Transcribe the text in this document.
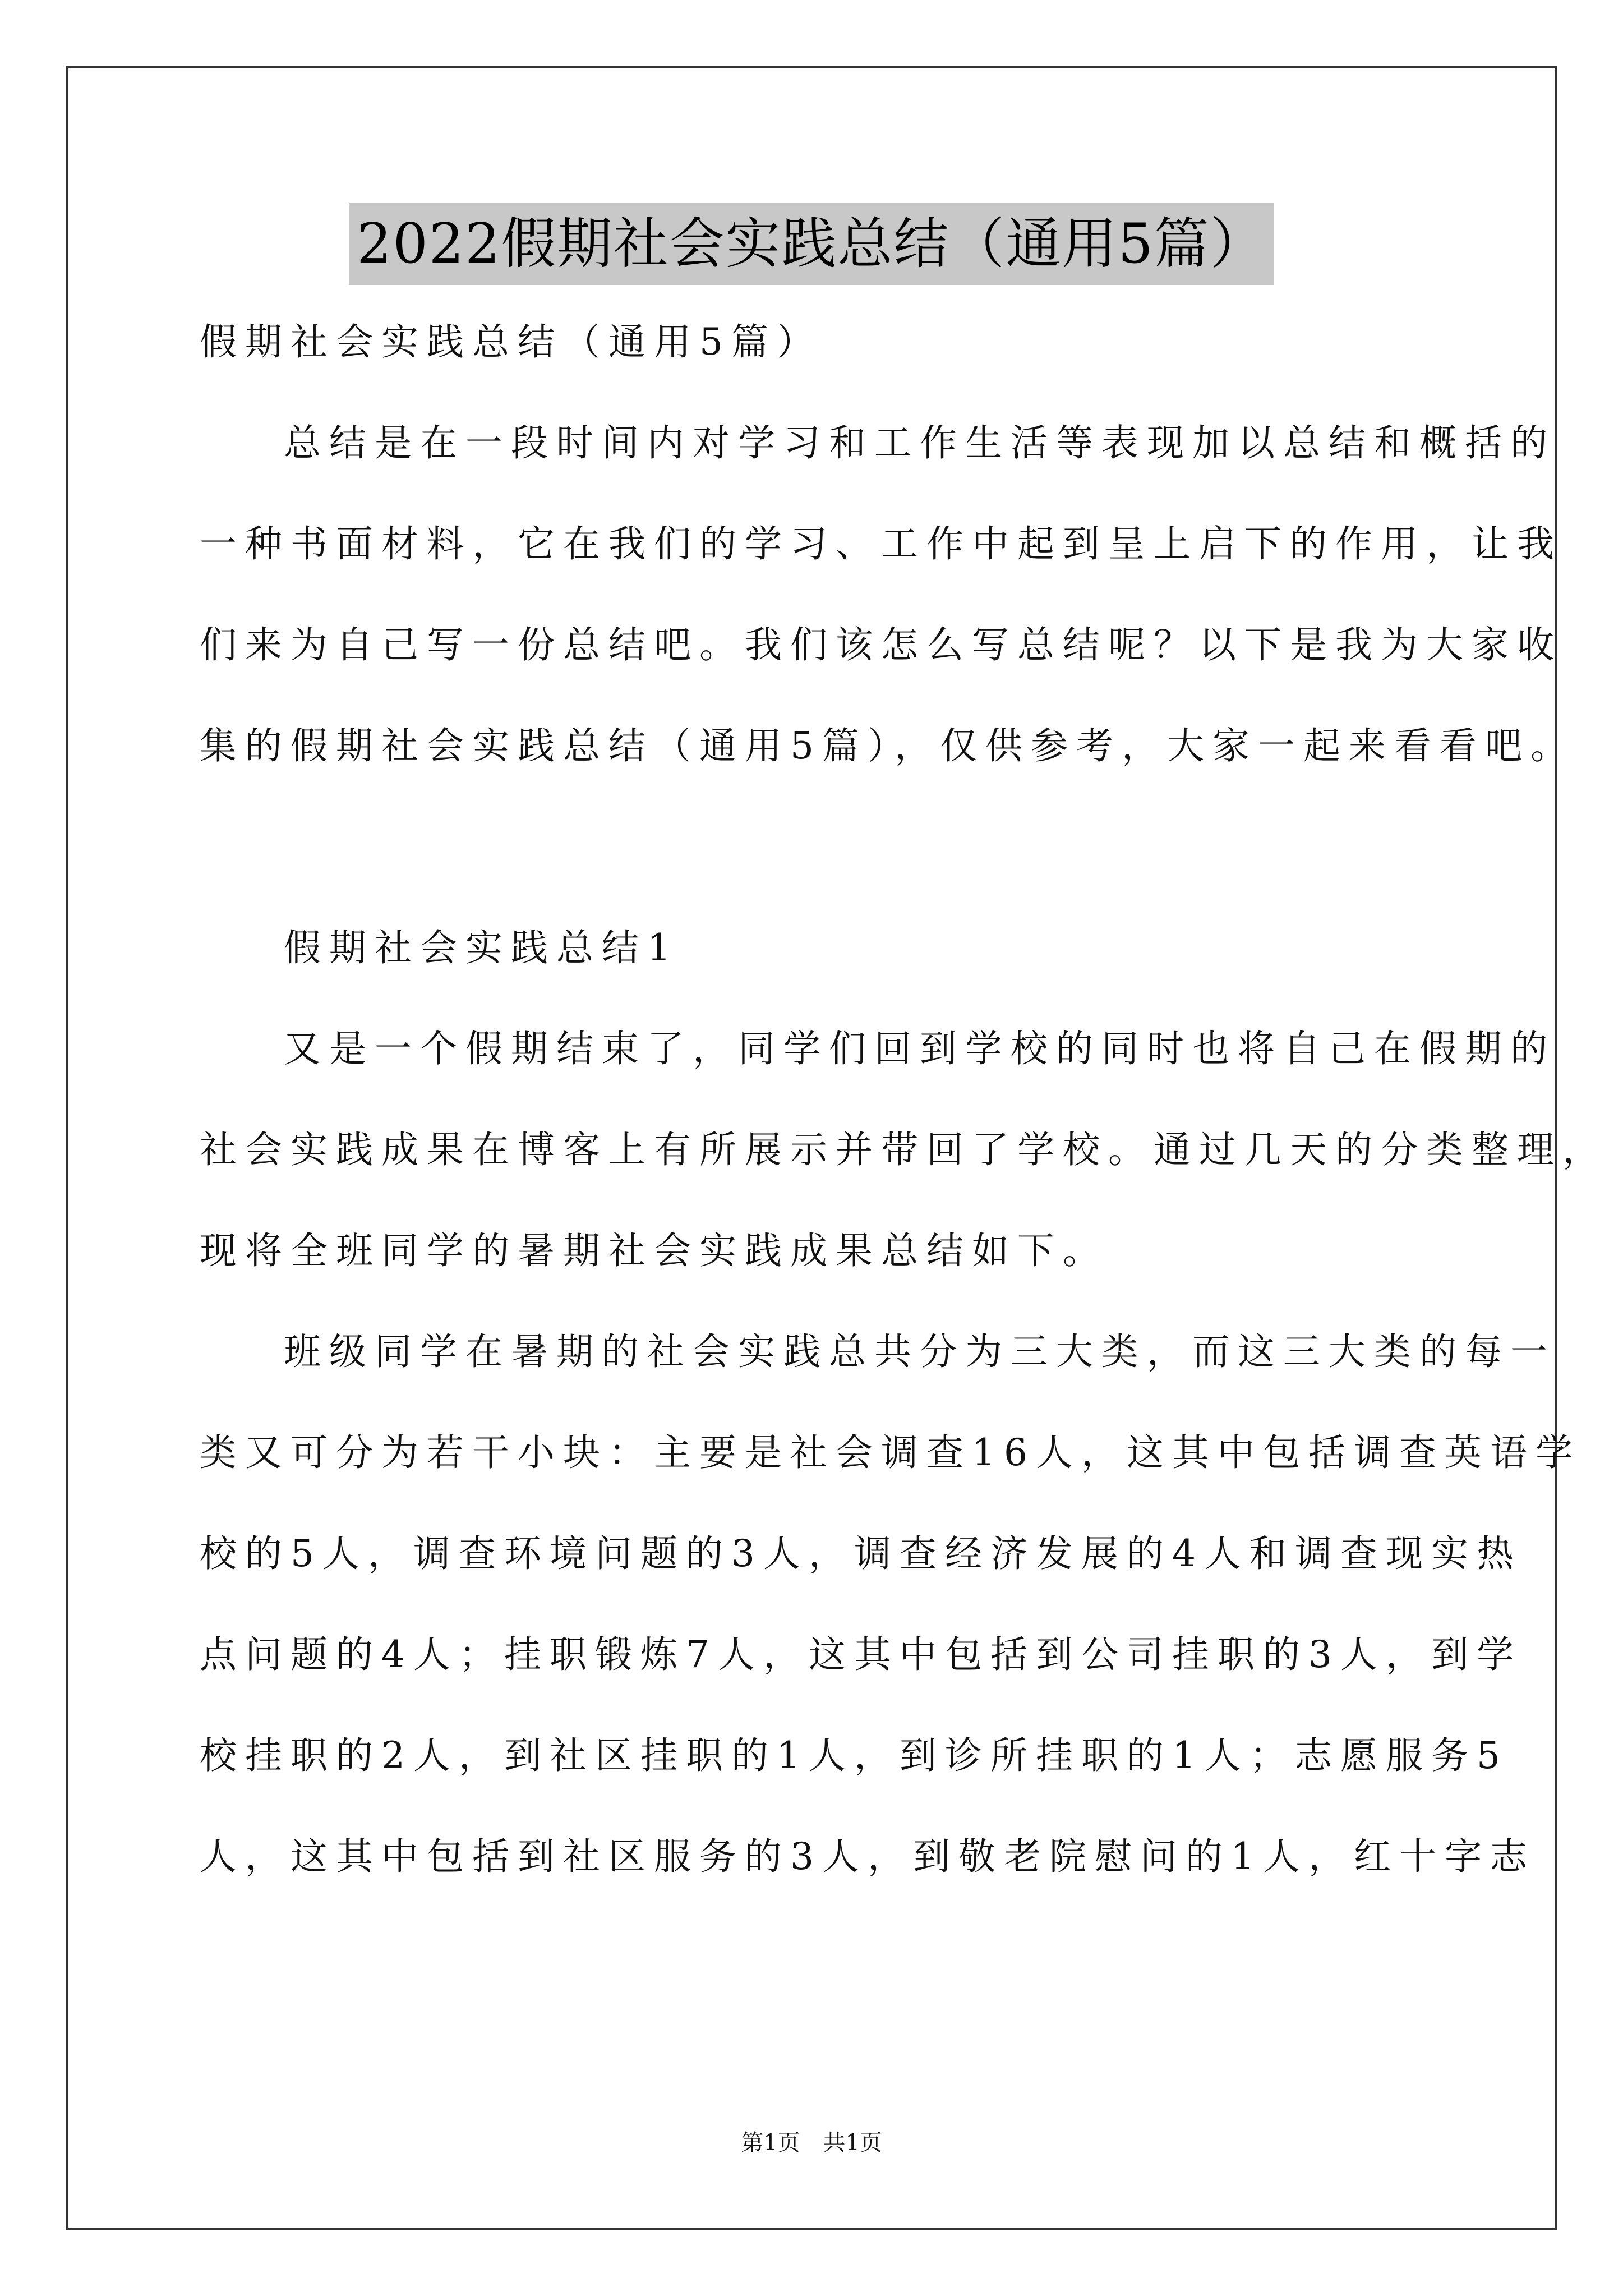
2022假期社会实践总结（通用5篇）
假期社会实践总结（通用5篇）
总结是在一段时间内对学习和工作生活等表现加以总结和概括的
一种书面材料，它在我们的学习、工作中起到呈上启下的作用，让我
们来为自己写一份总结吧。我们该怎么写总结呢？以下是我为大家收
集的假期社会实践总结（通用5篇），仅供参考，大家一起来看看吧。
假期社会实践总结1
又是一个假期结束了，同学们回到学校的同时也将自己在假期的
社会实践成果在博客上有所展示并带回了学校。通过几天的分类整理，
现将全班同学的暑期社会实践成果总结如下。
班级同学在暑期的社会实践总共分为三大类，而这三大类的每一
类又可分为若干小块：主要是社会调查16人，这其中包括调查英语学
校的5人，调查环境问题的3人，调查经济发展的4人和调查现实热
点问题的4人；挂职锻炼7人，这其中包括到公司挂职的3人，到学
校挂职的2人，到社区挂职的1人，到诊所挂职的1人；志愿服务5
人，这其中包括到社区服务的3人，到敬老院慰问的1人，红十字志
第1页 共1页
